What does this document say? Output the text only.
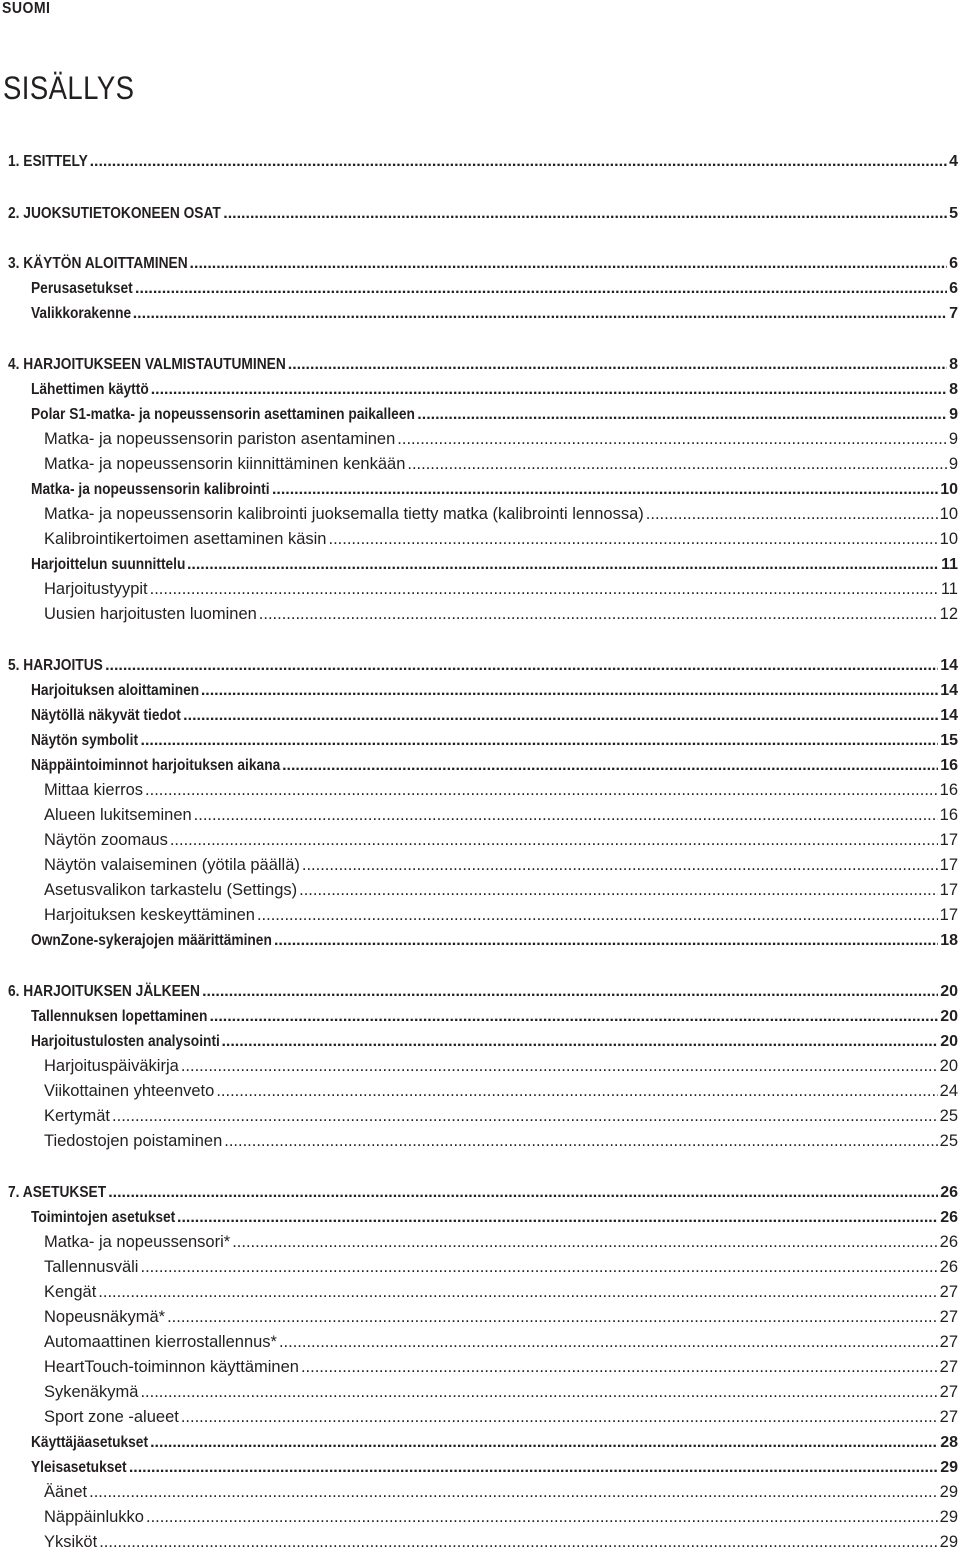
SUOMI
SISÄLLYS
1. ESITTELY .....	4
2. JUOKSUTIETOKONEEN OSAT .....	5
3. KÄYTÖN ALOITTAMINEN .....	6
Perusasetukset .....	6
Valikkorakenne .....	7
4. HARJOITUKSEEN VALMISTAUTUMINEN .....	8
Lähettimen käyttö .....	8
Polar S1-matka- ja nopeussensorin asettaminen paikalleen .....	9
Matka- ja nopeussensorin pariston asentaminen .....	9
Matka- ja nopeussensorin kiinnittäminen kenkään .....	9
Matka- ja nopeussensorin kalibrointi .....	10
Matka- ja nopeussensorin kalibrointi juoksemalla tietty matka (kalibrointi lennossa) .....	10
Kalibrointikertoimen asettaminen käsin .....	10
Harjoittelun suunnittelu .....	11
Harjoitustyypit .....	11
Uusien harjoitusten luominen .....	12
5. HARJOITUS .....	14
Harjoituksen aloittaminen .....	14
Näytöllä näkyvät tiedot .....	14
Näytön symbolit .....	15
Näppäintoiminnot harjoituksen aikana .....	16
Mittaa kierros .....	16
Alueen lukitseminen .....	16
Näytön zoomaus .....	17
Näytön valaiseminen (yötila päällä) .....	17
Asetusvalikon tarkastelu (Settings) .....	17
Harjoituksen keskeyttäminen .....	17
OwnZone-sykerajojen määrittäminen .....	18
6. HARJOITUKSEN JÄLKEEN .....	20
Tallennuksen lopettaminen .....	20
Harjoitustulosten analysointi .....	20
Harjoituspäiväkirja .....	20
Viikottainen yhteenveto .....	24
Kertymät .....	25
Tiedostojen poistaminen .....	25
7. ASETUKSET .....	26
Toimintojen asetukset .....	26
Matka- ja nopeussensori* .....	26
Tallennusväli .....	26
Kengät .....	27
Nopeusnäkymä* .....	27
Automaattinen kierrostallennus* .....	27
HeartTouch-toiminnon käyttäminen .....	27
Sykenäkymä .....	27
Sport zone -alueet .....	27
Käyttäjäasetukset .....	28
Yleisasetukset .....	29
Äänet .....	29
Näppäinlukko .....	29
Yksiköt .....	29
